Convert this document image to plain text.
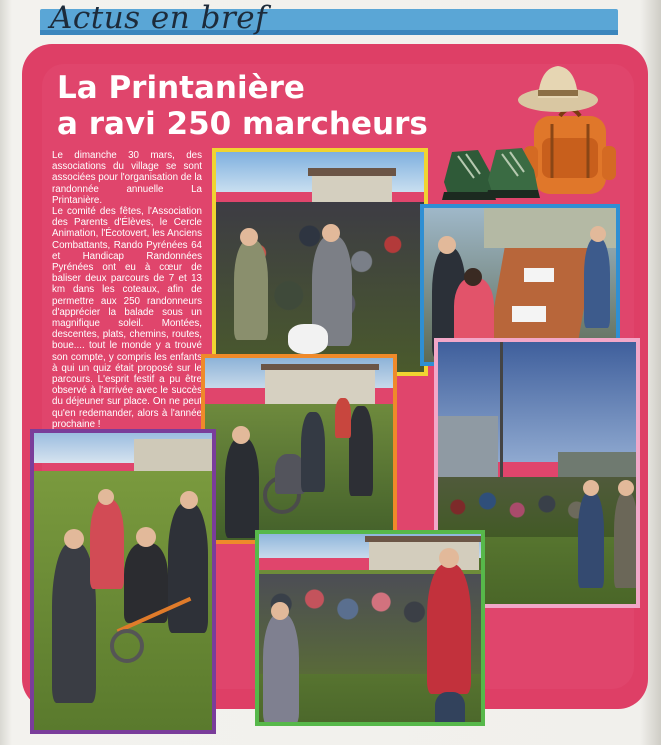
Actus en bref
La Printanière
a ravi 250 marcheurs

Le dimanche 30 mars, des associations du village se sont associées pour l'organisation de la randonnée annuelle La Printanière.

Le comité des fêtes, l'Association des Parents d'Élèves, le Cercle Animation, l'Écotovert, les Anciens Combattants, Rando Pyrénées 64 et Handicap Randonnées Pyrénées ont eu à cœur de baliser deux parcours de 7 et 13 km dans les coteaux, afin de permettre aux 250 randonneurs d'apprécier la balade sous un magnifique soleil. Montées, descentes, plats, chemins, routes, boue.... tout le monde y a trouvé son compte, y compris les enfants à qui un quiz était proposé sur le parcours. L'esprit festif a pu être observé à l'arrivée avec le succès du déjeuner sur place. On ne peut qu'en redemander, alors à l'année prochaine !
